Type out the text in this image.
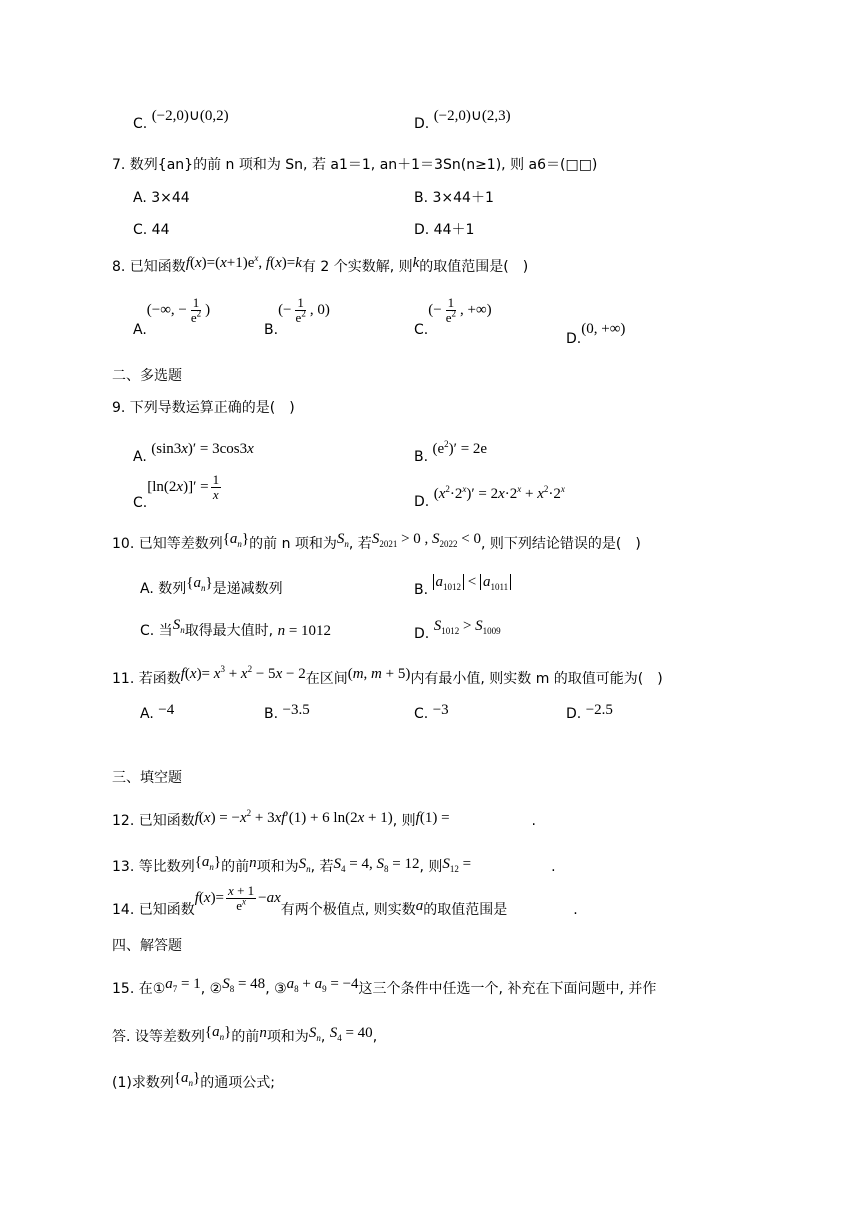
C. (−2,0)∪(0,2)	D. (−2,0)∪(2,3)
7. 数列{an}的前 n 项和为 Sn, 若 a1＝1, an＋1＝3Sn(n≥1), 则 a6＝(□□)
A. 3×44	B. 3×44＋1
C. 44	D. 44＋1
8. 已知函数$f(x)=(x+1)e^x$, f(x)=k有 2 个实数解, 则k的取值范围是(　)
A.(−∞, − $\frac{1}{e^2}$ )
$B.(- \frac{1}{e^2}$ , 0)
$C.(- \frac{1}{e^2}$ , +∞)
D.(0, +∞)
二、多选题
9. 下列导数运算正确的是(　)
A. (sin3x)′ = 3cos3x	B. $(e^2)' = 2e$
C.[ln(2 x )]′ = $\frac{1}{x}$
D. $(x^2\cdot 2^x)' = 2x\cdot 2^x + x^2\cdot 2^x$
10. 已知等差数列$\{a_n\}$的前 n 项和为$S_n$, 若$S_{2021} > 0$ , $S_{2022} < 0$, 则下列结论错误的是(　)
A. 数列$\{a_n\}$是递减数列	B. $a_{1012} < a_{1011}$
C. 当$S_n$取得最大值时, n = 1012	D. $S_{1012} > S_{1009}$
11. 若函数$f(x)= x^3 + x^2 - 5x - 2$在区间(m, m + 5)内有最小值, 则实数 m 的取值可能为(　)
A. −4	B. −3.5	C. −3	D. −2.5
三、填空题
12. 已知函数$f(x) = -x^2 + 3xf'(1) + 6$ ln(2x + 1), 则f(1) =	.
13. 等比数列$\{a_n\}$的前n项和为$S_n$, 若$S_4 = 4$, $S_8 = 12$, 则$S_{12}$ =	.
14. 已知函数
f ( x )= $\frac{x + 1}{e^x}$ − ax
有两个极值点, 则实数a的取值范围是	.
四、解答题
15. 在$①a_7 = 1$, $②S_8 = 48$, $③a_8 + a_9 = -4$这三个条件中任选一个, 补充在下面问题中, 并作
答. 设等差数列$\{a_n\}$的前n项和为$S_n$, $S_4 = 40$,
(1)求数列$\{a_n\}$的通项公式;
